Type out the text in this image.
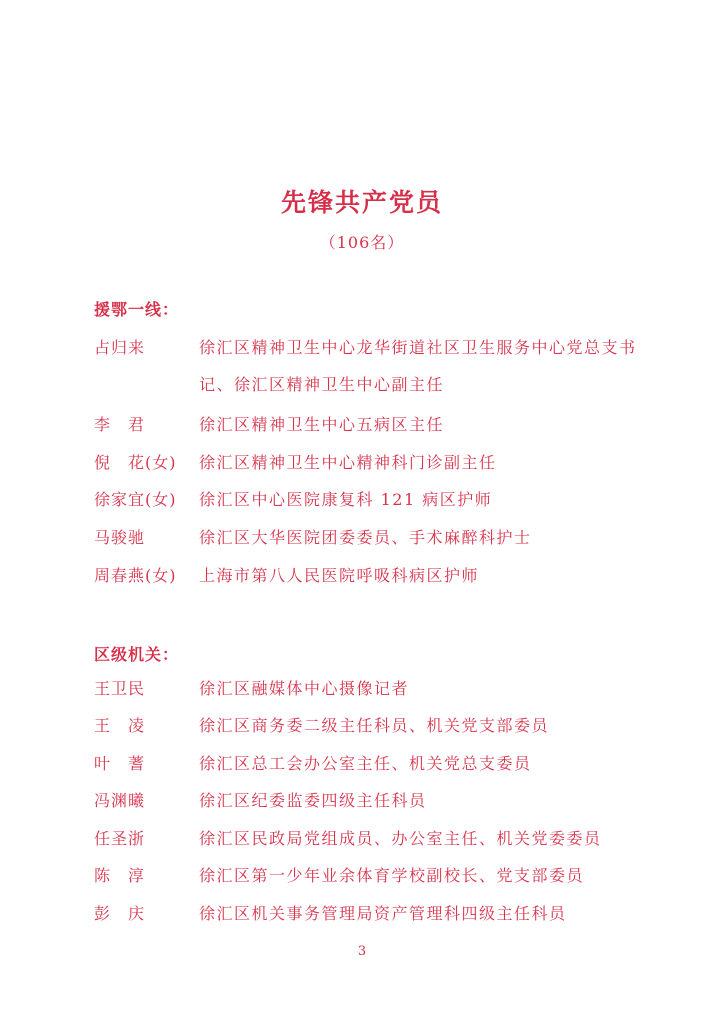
先锋共产党员
（106名）
援鄂一线：
占归来	徐汇区精神卫生中心龙华街道社区卫生服务中心党总支书
记、徐汇区精神卫生中心副主任
李　君	徐汇区精神卫生中心五病区主任
倪　花(女)	徐汇区精神卫生中心精神科门诊副主任
徐家宜(女)	徐汇区中心医院康复科 121 病区护师
马骏驰	徐汇区大华医院团委委员、手术麻醉科护士
周春燕(女)	上海市第八人民医院呼吸科病区护师
区级机关：
王卫民	徐汇区融媒体中心摄像记者
王　凌	徐汇区商务委二级主任科员、机关党支部委员
叶　蓍	徐汇区总工会办公室主任、机关党总支委员
冯渊曦	徐汇区纪委监委四级主任科员
任圣浙	徐汇区民政局党组成员、办公室主任、机关党委委员
陈　淳	徐汇区第一少年业余体育学校副校长、党支部委员
彭　庆	徐汇区机关事务管理局资产管理科四级主任科员
3
